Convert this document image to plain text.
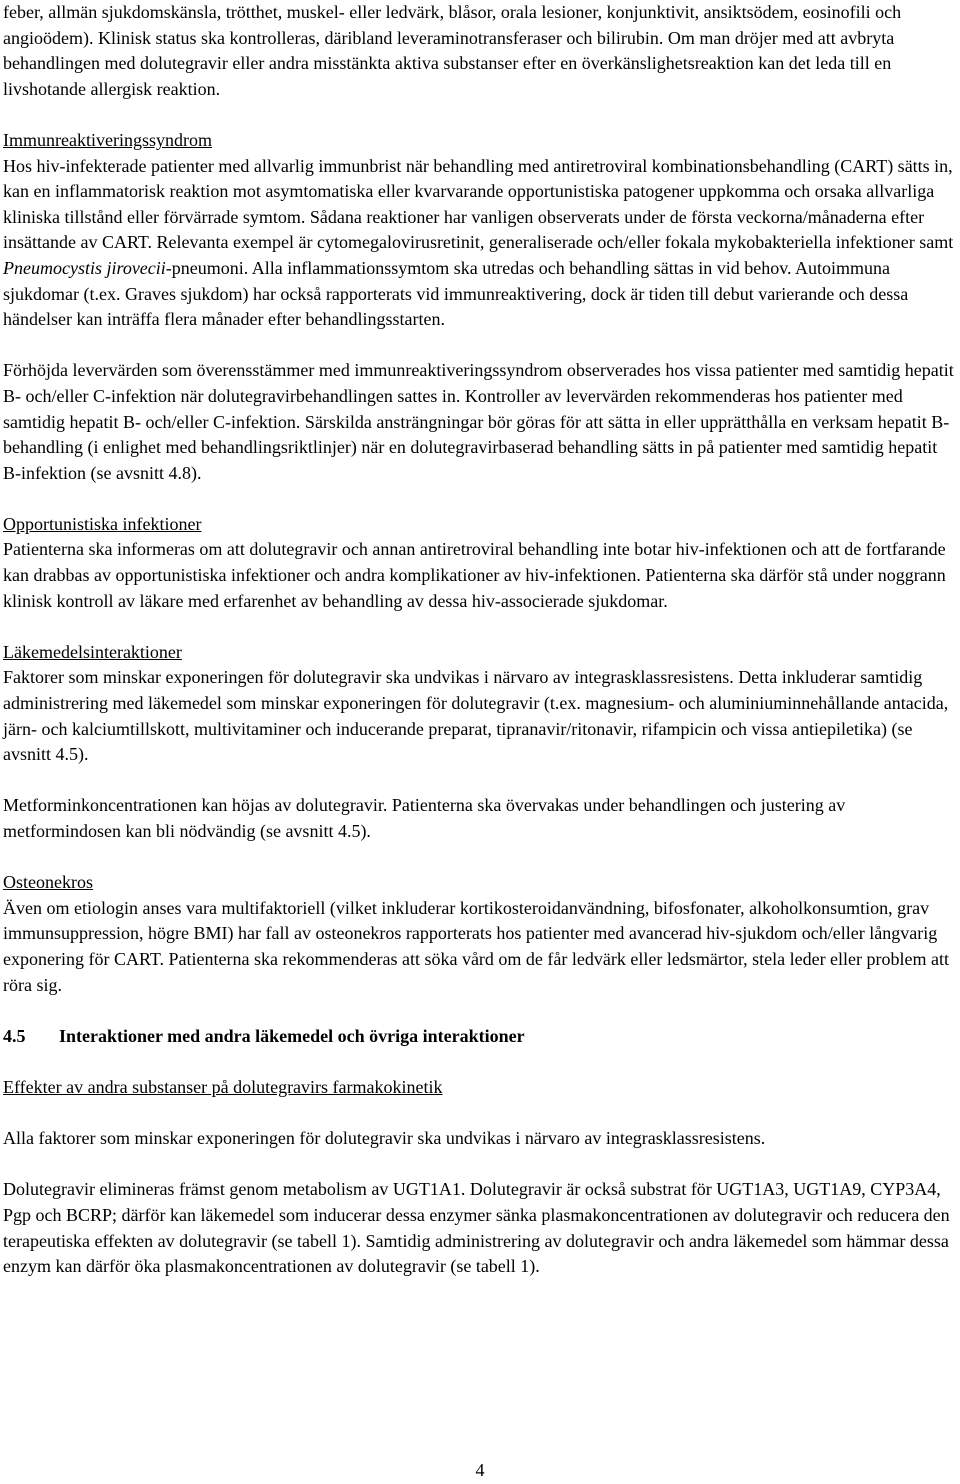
feber, allmän sjukdomskänsla, trötthet, muskel- eller ledvärk, blåsor, orala lesioner, konjunktivit, ansiktsödem, eosinofili och angioödem). Klinisk status ska kontrolleras, däribland leveraminotransferaser och bilirubin. Om man dröjer med att avbryta behandlingen med dolutegravir eller andra misstänkta aktiva substanser efter en överkänslighetsreaktion kan det leda till en livshotande allergisk reaktion.

Immunreaktiveringssyndrom

Hos hiv-infekterade patienter med allvarlig immunbrist när behandling med antiretroviral kombinationsbehandling (CART) sätts in, kan en inflammatorisk reaktion mot asymtomatiska eller kvarvarande opportunistiska patogener uppkomma och orsaka allvarliga kliniska tillstånd eller förvärrade symtom. Sådana reaktioner har vanligen observerats under de första veckorna/månaderna efter insättande av CART. Relevanta exempel är cytomegalovirusretinit, generaliserade och/eller fokala mykobakteriella infektioner samt Pneumocystis jirovecii-pneumoni. Alla inflammationssymtom ska utredas och behandling sättas in vid behov. Autoimmuna sjukdomar (t.ex. Graves sjukdom) har också rapporterats vid immunreaktivering, dock är tiden till debut varierande och dessa händelser kan inträffa flera månader efter behandlingsstarten.

Förhöjda levervärden som överensstämmer med immunreaktiveringssyndrom observerades hos vissa patienter med samtidig hepatit B- och/eller C-infektion när dolutegravirbehandlingen sattes in. Kontroller av levervärden rekommenderas hos patienter med samtidig hepatit B- och/eller C-infektion. Särskilda ansträngningar bör göras för att sätta in eller upprätthålla en verksam hepatit B-behandling (i enlighet med behandlingsriktlinjer) när en dolutegravirbaserad behandling sätts in på patienter med samtidig hepatit B-infektion (se avsnitt 4.8).

Opportunistiska infektioner

Patienterna ska informeras om att dolutegravir och annan antiretroviral behandling inte botar hiv-infektionen och att de fortfarande kan drabbas av opportunistiska infektioner och andra komplikationer av hiv-infektionen. Patienterna ska därför stå under noggrann klinisk kontroll av läkare med erfarenhet av behandling av dessa hiv-associerade sjukdomar.

Läkemedelsinteraktioner

Faktorer som minskar exponeringen för dolutegravir ska undvikas i närvaro av integrasklassresistens. Detta inkluderar samtidig administrering med läkemedel som minskar exponeringen för dolutegravir (t.ex. magnesium- och aluminiuminnehållande antacida, järn- och kalciumtillskott, multivitaminer och inducerande preparat, tipranavir/ritonavir, rifampicin och vissa antiepiletika) (se avsnitt 4.5).

Metforminkoncentrationen kan höjas av dolutegravir. Patienterna ska övervakas under behandlingen och justering av metformindosen kan bli nödvändig (se avsnitt 4.5).

Osteonekros

Även om etiologin anses vara multifaktoriell (vilket inkluderar kortikosteroidanvändning, bifosfonater, alkoholkonsumtion, grav immunsuppression, högre BMI) har fall av osteonekros rapporterats hos patienter med avancerad hiv-sjukdom och/eller långvarig exponering för CART. Patienterna ska rekommenderas att söka vård om de får ledvärk eller ledsmärtor, stela leder eller problem att röra sig.

4.5 Interaktioner med andra läkemedel och övriga interaktioner

Effekter av andra substanser på dolutegravirs farmakokinetik

Alla faktorer som minskar exponeringen för dolutegravir ska undvikas i närvaro av integrasklassresistens.

Dolutegravir elimineras främst genom metabolism av UGT1A1. Dolutegravir är också substrat för UGT1A3, UGT1A9, CYP3A4, Pgp och BCRP; därför kan läkemedel som inducerar dessa enzymer sänka plasmakoncentrationen av dolutegravir och reducera den terapeutiska effekten av dolutegravir (se tabell 1). Samtidig administrering av dolutegravir och andra läkemedel som hämmar dessa enzym kan därför öka plasmakoncentrationen av dolutegravir (se tabell 1).

4
